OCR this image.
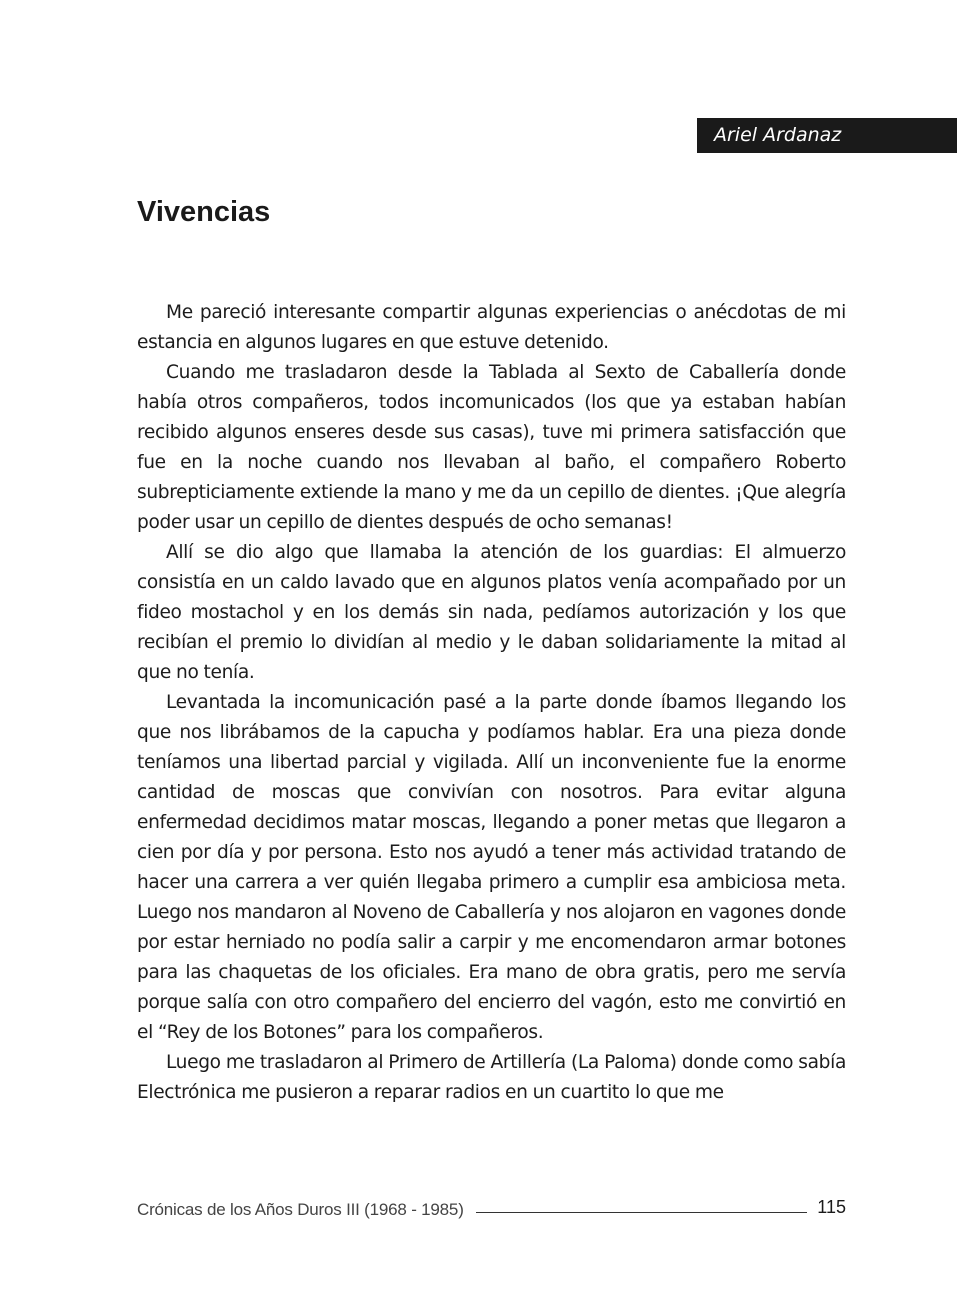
Ariel Ardanaz
Vivencias

Me pareció interesante compartir algunas experiencias o anécdotas de mi estancia en algunos lugares en que estuve detenido.

Cuando me trasladaron desde la Tablada al Sexto de Caballería donde había otros compañeros, todos incomunicados (los que ya estaban habían recibido algunos enseres desde sus casas), tuve mi primera satisfacción que fue en la noche cuando nos llevaban al baño, el compañero Roberto subrepticiamente extiende la mano y me da un cepillo de dientes. ¡Que alegría poder usar un cepillo de dientes después de ocho semanas!

Allí se dio algo que llamaba la atención de los guardias: El almuerzo consistía en un caldo lavado que en algunos platos venía acompañado por un fideo mostachol y en los demás sin nada, pedíamos autorización y los que recibían el premio lo dividían al medio y le daban solidariamente la mitad al que no tenía.

Levantada la incomunicación pasé a la parte donde íbamos llegando los que nos librábamos de la capucha y podíamos hablar. Era una pieza donde teníamos una libertad parcial y vigilada. Allí un inconveniente fue la enorme cantidad de moscas que convivían con nosotros. Para evitar alguna enfermedad decidimos matar moscas, llegando a poner metas que llegaron a cien por día y por persona. Esto nos ayudó a tener más actividad tratando de hacer una carrera a ver quién llegaba primero a cumplir esa ambiciosa meta. Luego nos mandaron al Noveno de Caballería y nos alojaron en vagones donde por estar herniado no podía salir a carpir y me encomendaron armar botones para las chaquetas de los oficiales. Era mano de obra gratis, pero me servía porque salía con otro compañero del encierro del vagón, esto me convirtió en el “Rey de los Botones” para los compañeros.

Luego me trasladaron al Primero de Artillería (La Paloma) donde como sabía Electrónica me pusieron a reparar radios en un cuartito lo que me

Crónicas de los Años Duros III (1968 - 1985)	115
